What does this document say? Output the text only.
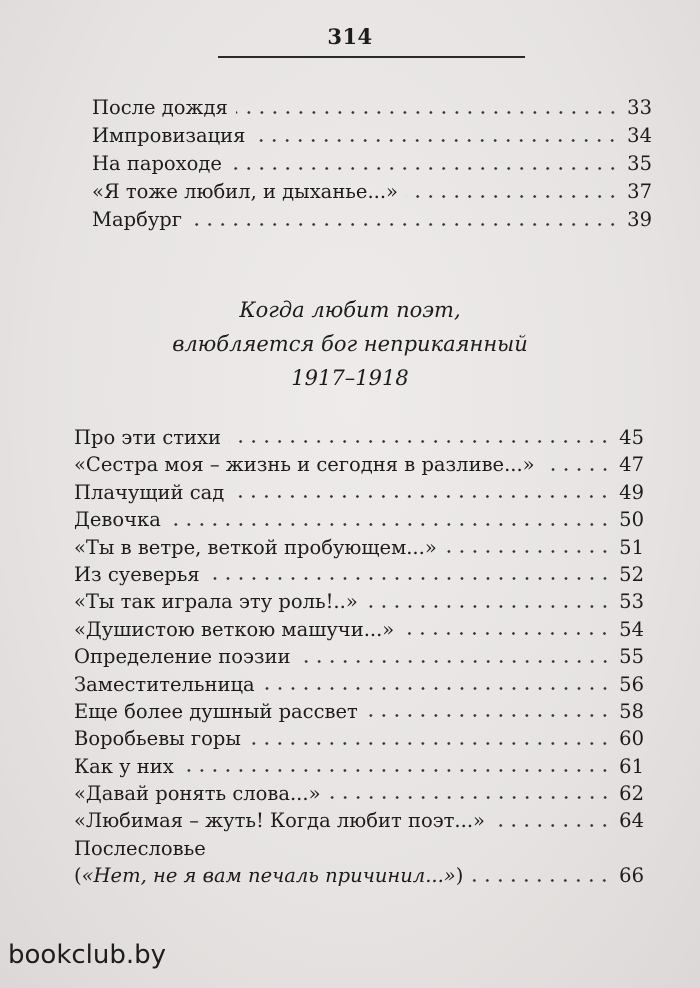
314
После дождя	33
Импровизация	34
На пароходе	35
«Я тоже любил, и дыханье...»	37
Марбург	39
Когда любит поэт,
влюбляется бог неприкаянный
1917–1918
Про эти стихи	45
«Сестра моя – жизнь и сегодня в разливе...»	47
Плачущий сад	49
Девочка	50
«Ты в ветре, веткой пробующем...»	51
Из суеверья	52
«Ты так играла эту роль!..»	53
«Душистою веткою машучи...»	54
Определение поэзии	55
Заместительница	56
Еще более душный рассвет	58
Воробьевы горы	60
Как у них	61
«Давай ронять слова...»	62
«Любимая – жуть! Когда любит поэт...»	64
Послесловье
(«Нет, не я вам печаль причинил...»)	66
bookclub.by
